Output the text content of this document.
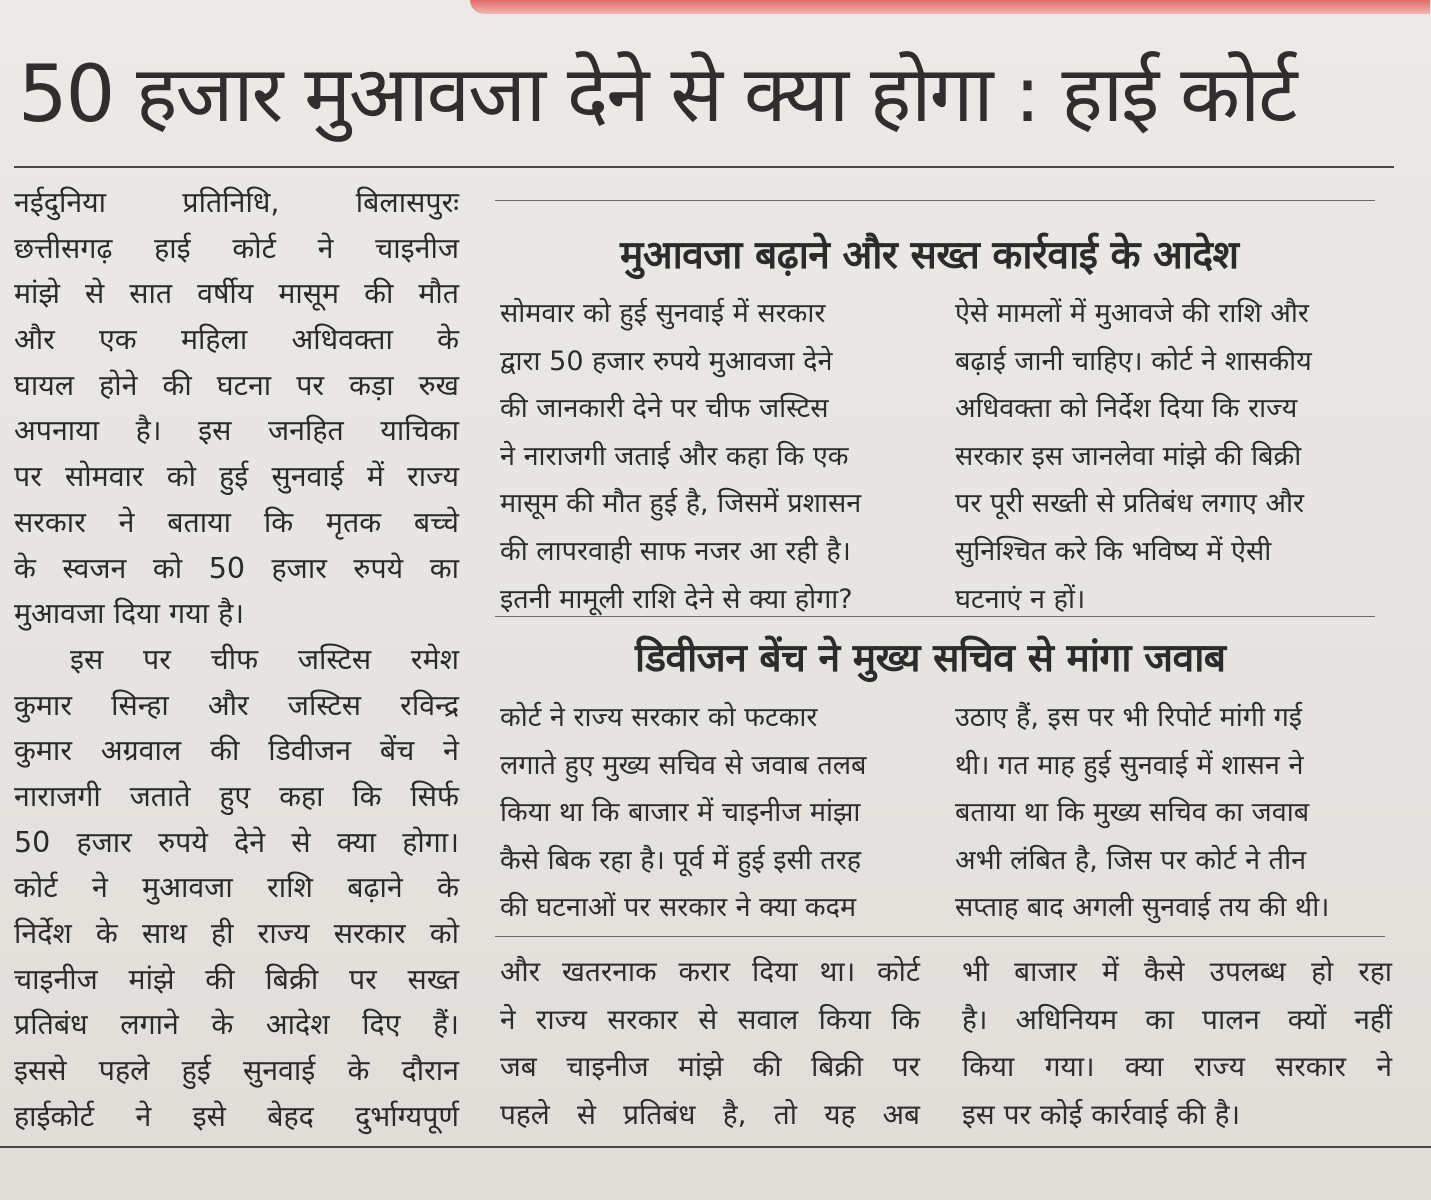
50 हजार मुआवजा देने से क्या होगा : हाई कोर्ट
नईदुनिया प्रतिनिधि, बिलासपुरः
छत्तीसगढ़ हाई कोर्ट ने चाइनीज
मांझे से सात वर्षीय मासूम की मौत
और एक महिला अधिवक्ता के
घायल होने की घटना पर कड़ा रुख
अपनाया है। इस जनहित याचिका
पर सोमवार को हुई सुनवाई में राज्य
सरकार ने बताया कि मृतक बच्चे
के स्वजन को 50 हजार रुपये का
मुआवजा दिया गया है।
इस पर चीफ जस्टिस रमेश
कुमार सिन्हा और जस्टिस रविन्द्र
कुमार अग्रवाल की डिवीजन बेंच ने
नाराजगी जताते हुए कहा कि सिर्फ
50 हजार रुपये देने से क्या होगा।
कोर्ट ने मुआवजा राशि बढ़ाने के
निर्देश के साथ ही राज्य सरकार को
चाइनीज मांझे की बिक्री पर सख्त
प्रतिबंध लगाने के आदेश दिए हैं।
इससे पहले हुई सुनवाई के दौरान
हाईकोर्ट ने इसे बेहद दुर्भाग्यपूर्ण
मुआवजा बढ़ाने और सख्त कार्रवाई के आदेश
सोमवार को हुई सुनवाई में सरकार
द्वारा 50 हजार रुपये मुआवजा देने
की जानकारी देने पर चीफ जस्टिस
ने नाराजगी जताई और कहा कि एक
मासूम की मौत हुई है, जिसमें प्रशासन
की लापरवाही साफ नजर आ रही है।
इतनी मामूली राशि देने से क्या होगा?
ऐसे मामलों में मुआवजे की राशि और
बढ़ाई जानी चाहिए। कोर्ट ने शासकीय
अधिवक्ता को निर्देश दिया कि राज्य
सरकार इस जानलेवा मांझे की बिक्री
पर पूरी सख्ती से प्रतिबंध लगाए और
सुनिश्चित करे कि भविष्य में ऐसी
घटनाएं न हों।
डिवीजन बेंच ने मुख्य सचिव से मांगा जवाब
कोर्ट ने राज्य सरकार को फटकार
लगाते हुए मुख्य सचिव से जवाब तलब
किया था कि बाजार में चाइनीज मांझा
कैसे बिक रहा है। पूर्व में हुई इसी तरह
की घटनाओं पर सरकार ने क्या कदम
उठाए हैं, इस पर भी रिपोर्ट मांगी गई
थी। गत माह हुई सुनवाई में शासन ने
बताया था कि मुख्य सचिव का जवाब
अभी लंबित है, जिस पर कोर्ट ने तीन
सप्ताह बाद अगली सुनवाई तय की थी।
और खतरनाक करार दिया था। कोर्ट
ने राज्य सरकार से सवाल किया कि
जब चाइनीज मांझे की बिक्री पर
पहले से प्रतिबंध है, तो यह अब
भी बाजार में कैसे उपलब्ध हो रहा
है। अधिनियम का पालन क्यों नहीं
किया गया। क्या राज्य सरकार ने
इस पर कोई कार्रवाई की है।
